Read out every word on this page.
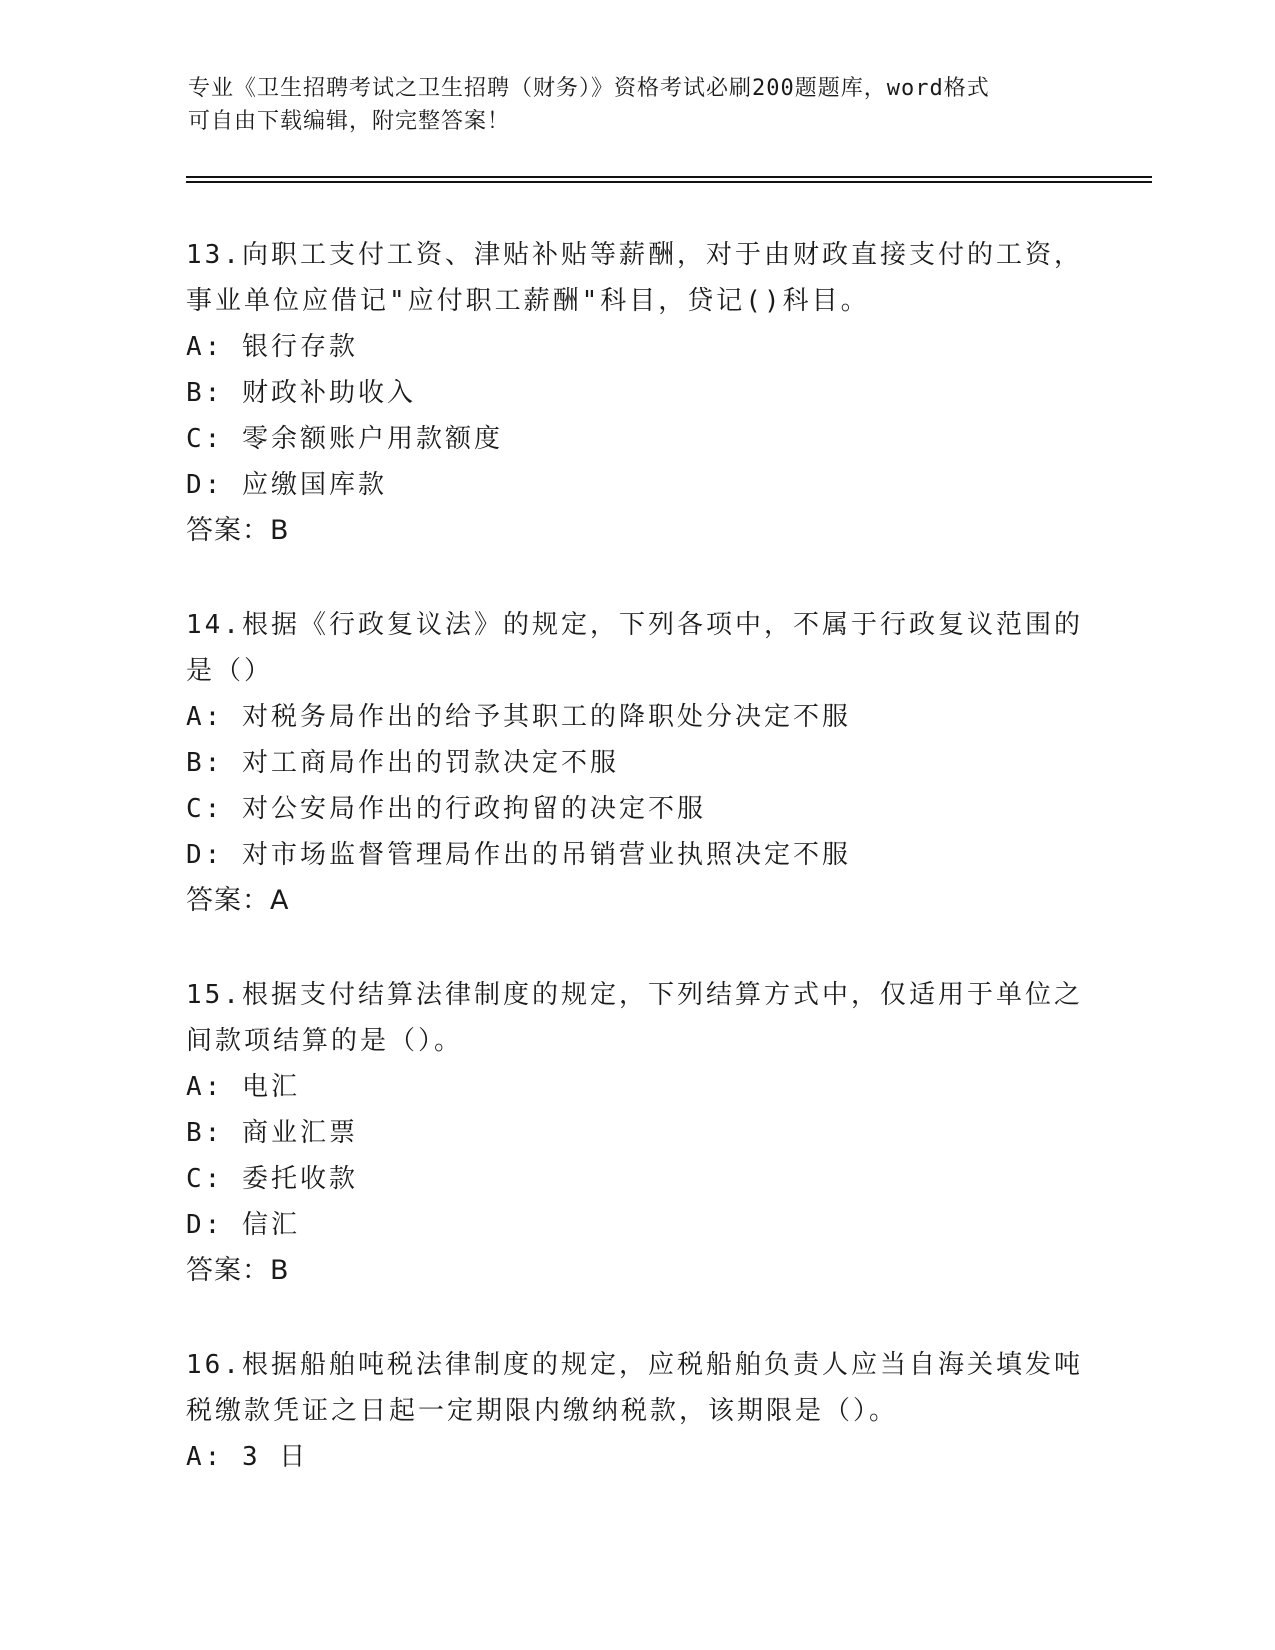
专业《卫生招聘考试之卫生招聘（财务）》资格考试必刷200题题库，word格式
可自由下载编辑，附完整答案！
13.向职工支付工资、津贴补贴等薪酬，对于由财政直接支付的工资，事业单位应借记"应付职工薪酬"科目，贷记()科目。
A: 银行存款
B: 财政补助收入
C: 零余额账户用款额度
D: 应缴国库款
答案：B
14.根据《行政复议法》的规定，下列各项中，不属于行政复议范围的是（）
A: 对税务局作出的给予其职工的降职处分决定不服
B: 对工商局作出的罚款决定不服
C: 对公安局作出的行政拘留的决定不服
D: 对市场监督管理局作出的吊销营业执照决定不服
答案：A
15.根据支付结算法律制度的规定，下列结算方式中，仅适用于单位之间款项结算的是（）。
A: 电汇
B: 商业汇票
C: 委托收款
D: 信汇
答案：B
16.根据船舶吨税法律制度的规定，应税船舶负责人应当自海关填发吨税缴款凭证之日起一定期限内缴纳税款，该期限是（）。
A: 3 日
